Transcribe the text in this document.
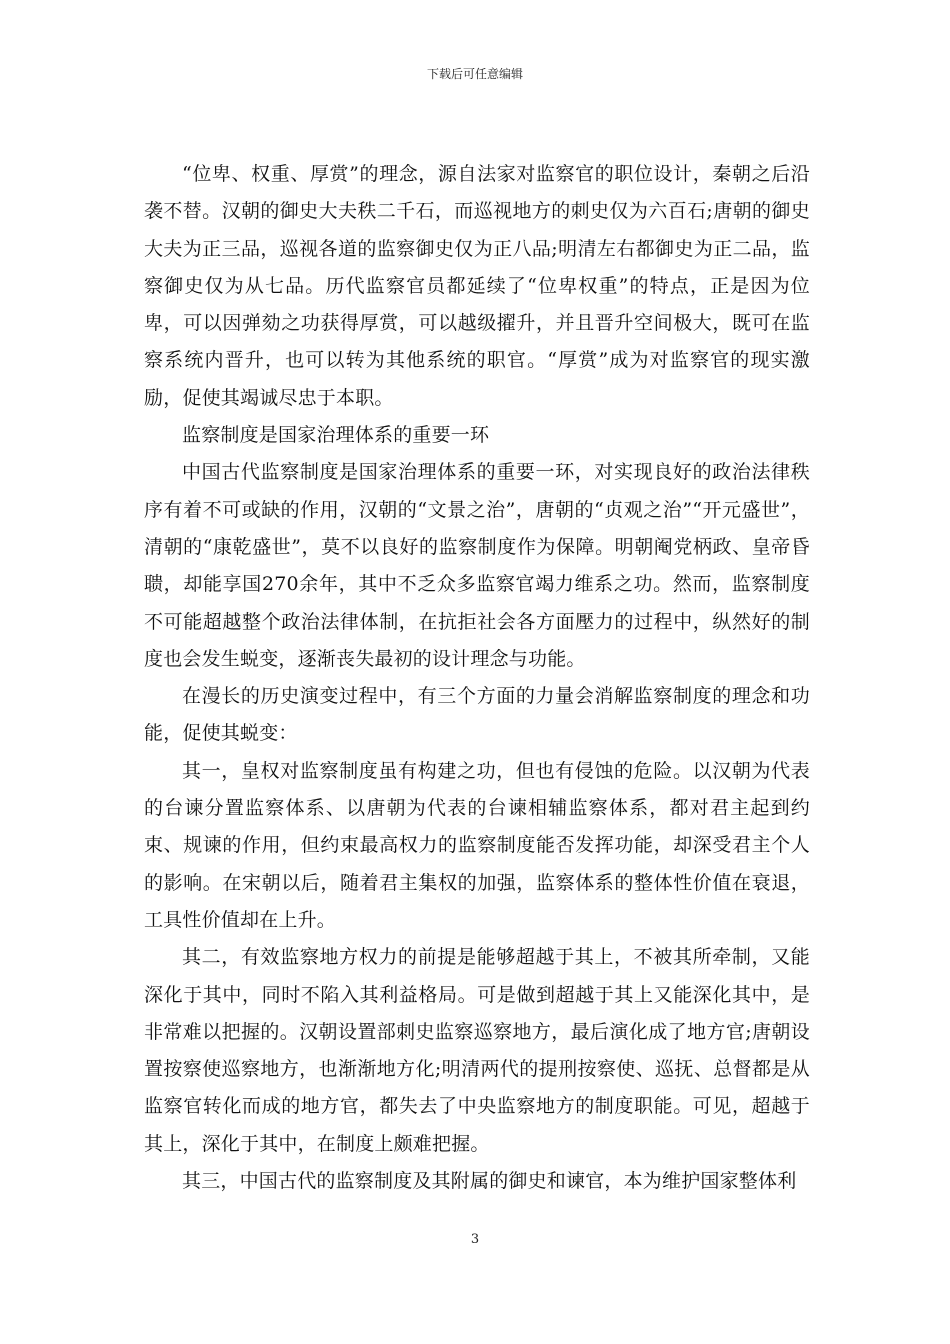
下载后可任意编辑

“位卑、权重、厚赏”的理念，源自法家对监察官的职位设计，秦朝之后沿袭不替。汉朝的御史大夫秩二千石，而巡视地方的刺史仅为六百石;唐朝的御史大夫为正三品，巡视各道的监察御史仅为正八品;明清左右都御史为正二品，监察御史仅为从七品。历代监察官员都延续了“位卑权重”的特点，正是因为位卑，可以因弹劾之功获得厚赏，可以越级擢升，并且晋升空间极大，既可在监察系统内晋升，也可以转为其他系统的职官。“厚赏”成为对监察官的现实激励，促使其竭诚尽忠于本职。

监察制度是国家治理体系的重要一环

中国古代监察制度是国家治理体系的重要一环，对实现良好的政治法律秩序有着不可或缺的作用，汉朝的“文景之治”，唐朝的“贞观之治”“开元盛世”，清朝的“康乾盛世”，莫不以良好的监察制度作为保障。明朝阉党柄政、皇帝昏聩，却能享国270余年，其中不乏众多监察官竭力维系之功。然而，监察制度不可能超越整个政治法律体制，在抗拒社会各方面壓力的过程中，纵然好的制度也会发生蜕变，逐渐丧失最初的设计理念与功能。

在漫长的历史演变过程中，有三个方面的力量会消解监察制度的理念和功能，促使其蜕变：

其一，皇权对监察制度虽有构建之功，但也有侵蚀的危险。以汉朝为代表的台谏分置监察体系、以唐朝为代表的台谏相辅监察体系，都对君主起到约束、规谏的作用，但约束最高权力的监察制度能否发挥功能，却深受君主个人的影响。在宋朝以后，随着君主集权的加强，监察体系的整体性价值在衰退，工具性价值却在上升。

其二，有效监察地方权力的前提是能够超越于其上，不被其所牵制，又能深化于其中，同时不陷入其利益格局。可是做到超越于其上又能深化其中，是非常难以把握的。汉朝设置部刺史监察巡察地方，最后演化成了地方官;唐朝设置按察使巡察地方，也渐渐地方化;明清两代的提刑按察使、巡抚、总督都是从监察官转化而成的地方官，都失去了中央监察地方的制度职能。可见，超越于其上，深化于其中，在制度上颇难把握。

其三，中国古代的监察制度及其附属的御史和谏官，本为维护国家整体利

3
